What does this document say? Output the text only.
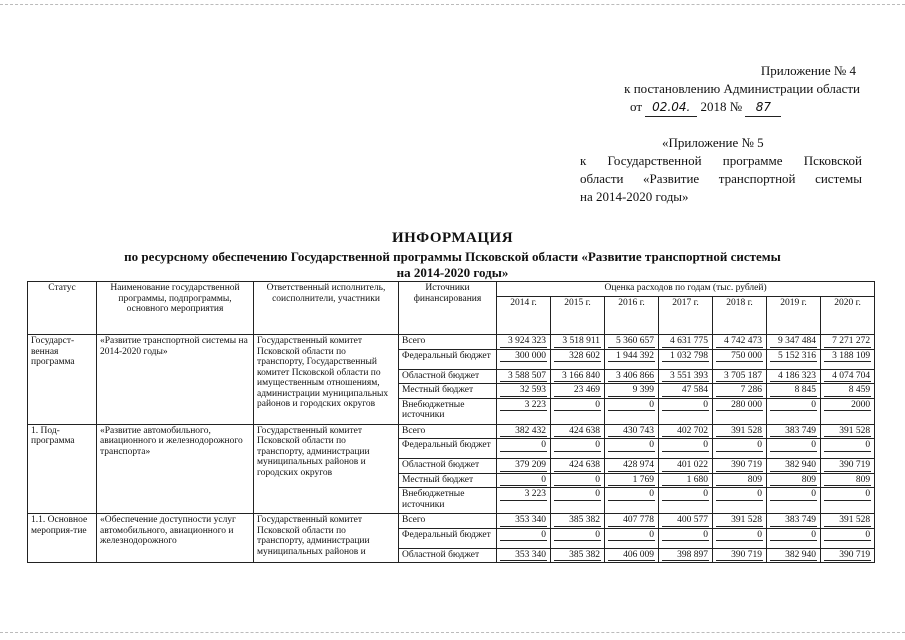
Приложение № 4
к постановлению Администрации области
от 02.04. 2018 № 87
«Приложение № 5
к Государственной программе Псковской
области «Развитие транспортной системы
на 2014-2020 годы»
ИНФОРМАЦИЯ
по ресурсному обеспечению Государственной программы Псковской области «Развитие транспортной системы
на 2014-2020 годы»
Статус	Наименование государственной программы, подпрограммы, основного мероприятия	Ответственный исполнитель, соисполнители, участники	Источники финансирования	Оценка расходов по годам (тыс. рублей)						
				2014 г.	2015 г.	2016 г.	2017 г.	2018 г.	2019 г.	2020 г.
Государст-венная программа	«Развитие транспортной системы на 2014-2020 годы»	Государственный комитет Псковской области по транспорту, Государственный комитет Псковской области по имущественным отношениям, администрации муниципальных районов и городских округов	Всего	3 924 323	3 518 911	5 360 657	4 631 775	4 742 473	9 347 484	7 271 272

			Федеральный бюджет	300 000	328 602	1 944 392	1 032 798	750 000	5 152 316	3 188 109

			Областной бюджет	3 588 507	3 166 840	3 406 866	3 551 393	3 705 187	4 186 323	4 074 704

			Местный бюджет	32 593	23 469	9 399	47 584	7 286	8 845	8 459

			Внебюджетные источники	3 223	0	0	0	280 000	0	2000

1. Под-программа	«Развитие автомобильного, авиационного и железнодорожного транспорта»	Государственный комитет Псковской области по транспорту, администрации муниципальных районов и городских округов	Всего	382 432	424 638	430 743	402 702	391 528	383 749	391 528

			Федеральный бюджет	0	0	0	0	0	0	0

			Областной бюджет	379 209	424 638	428 974	401 022	390 719	382 940	390 719

			Местный бюджет	0	0	1 769	1 680	809	809	809

			Внебюджетные источники	3 223	0	0	0	0	0	0

1.1. Основное мероприя-тие	«Обеспечение доступности услуг автомобильного, авиационного и железнодорожного	Государственный комитет Псковской области по транспорту, администрации муниципальных районов и	Всего	353 340	385 382	407 778	400 577	391 528	383 749	391 528

			Федеральный бюджет	0	0	0	0	0	0	0

			Областной бюджет	353 340	385 382	406 009	398 897	390 719	382 940	390 719
